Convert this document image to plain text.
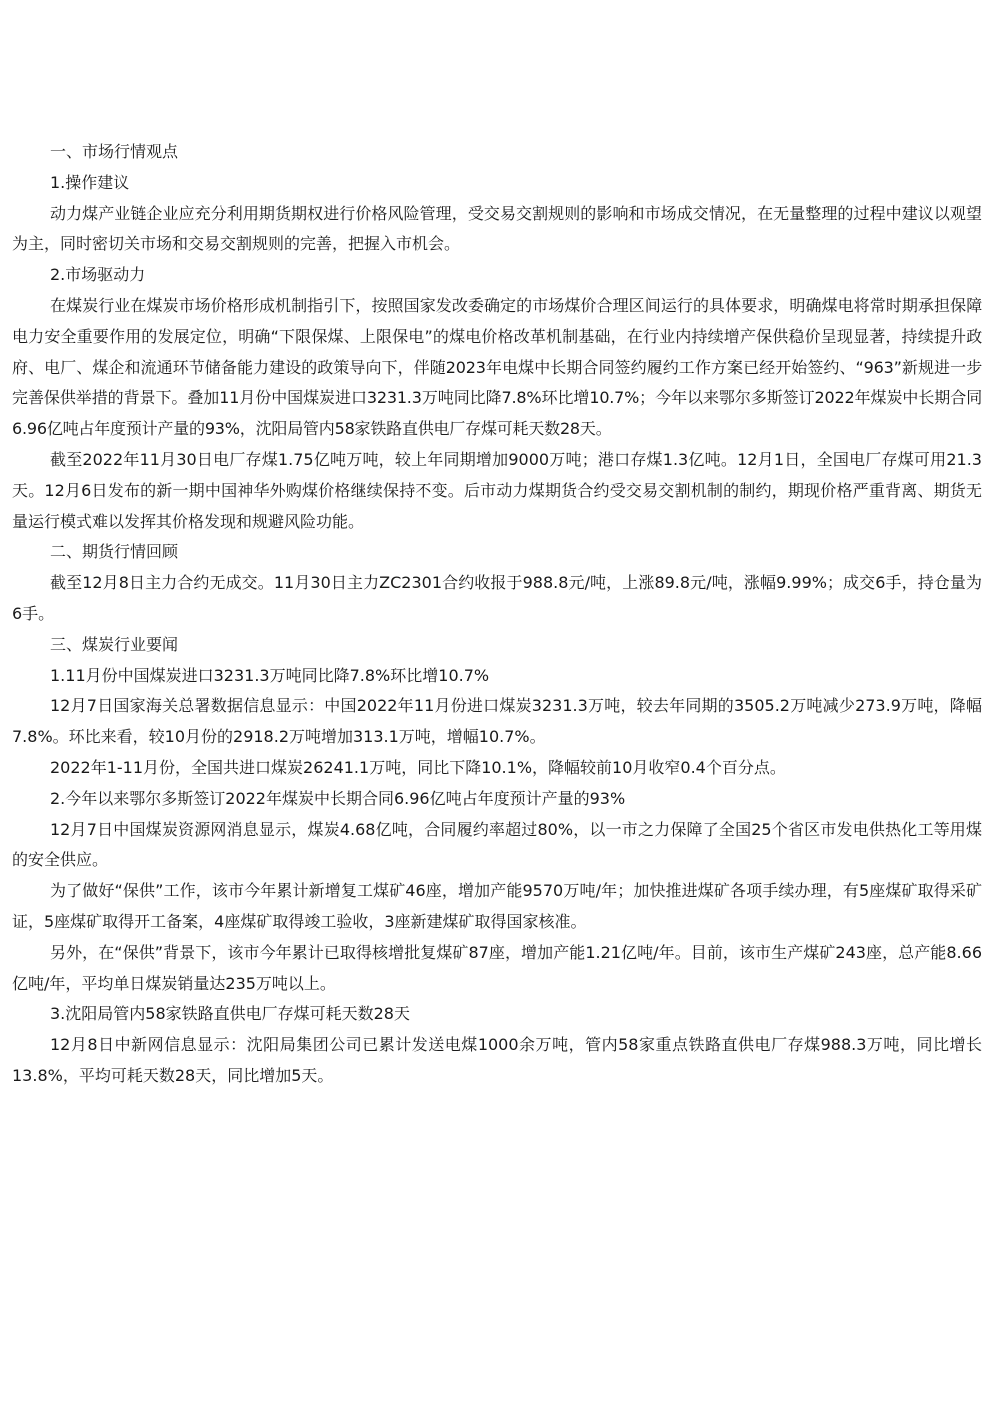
一、市场行情观点

1.操作建议

动力煤产业链企业应充分利用期货期权进行价格风险管理，受交易交割规则的影响和市场成交情况，在无量整理的过程中建议以观望为主，同时密切关市场和交易交割规则的完善，把握入市机会。

2.市场驱动力

在煤炭行业在煤炭市场价格形成机制指引下，按照国家发改委确定的市场煤价合理区间运行的具体要求，明确煤电将常时期承担保障电力安全重要作用的发展定位，明确“下限保煤、上限保电”的煤电价格改革机制基础，在行业内持续增产保供稳价呈现显著，持续提升政府、电厂、煤企和流通环节储备能力建设的政策导向下，伴随2023年电煤中长期合同签约履约工作方案已经开始签约、“963”新规进一步完善保供举措的背景下。叠加11月份中国煤炭进口3231.3万吨同比降7.8%环比增10.7%；今年以来鄂尔多斯签订2022年煤炭中长期合同6.96亿吨占年度预计产量的93%，沈阳局管内58家铁路直供电厂存煤可耗天数28天。

截至2022年11月30日电厂存煤1.75亿吨万吨，较上年同期增加9000万吨；港口存煤1.3亿吨。12月1日，全国电厂存煤可用21.3天。12月6日发布的新一期中国神华外购煤价格继续保持不变。后市动力煤期货合约受交易交割机制的制约，期现价格严重背离、期货无量运行模式难以发挥其价格发现和规避风险功能。

二、期货行情回顾

截至12月8日主力合约无成交。11月30日主力ZC2301合约收报于988.8元/吨，上涨89.8元/吨，涨幅9.99%；成交6手，持仓量为6手。

三、煤炭行业要闻

1.11月份中国煤炭进口3231.3万吨同比降7.8%环比增10.7%

12月7日国家海关总署数据信息显示：中国2022年11月份进口煤炭3231.3万吨，较去年同期的3505.2万吨减少273.9万吨，降幅7.8%。环比来看，较10月份的2918.2万吨增加313.1万吨，增幅10.7%。

2022年1-11月份，全国共进口煤炭26241.1万吨，同比下降10.1%，降幅较前10月收窄0.4个百分点。

2.今年以来鄂尔多斯签订2022年煤炭中长期合同6.96亿吨占年度预计产量的93%

12月7日中国煤炭资源网消息显示，煤炭4.68亿吨，合同履约率超过80%，以一市之力保障了全国25个省区市发电供热化工等用煤的安全供应。

为了做好“保供”工作，该市今年累计新增复工煤矿46座，增加产能9570万吨/年；加快推进煤矿各项手续办理，有5座煤矿取得采矿证，5座煤矿取得开工备案，4座煤矿取得竣工验收，3座新建煤矿取得国家核准。

另外，在“保供”背景下，该市今年累计已取得核增批复煤矿87座，增加产能1.21亿吨/年。目前，该市生产煤矿243座，总产能8.66亿吨/年，平均单日煤炭销量达235万吨以上。

3.沈阳局管内58家铁路直供电厂存煤可耗天数28天

12月8日中新网信息显示：沈阳局集团公司已累计发送电煤1000余万吨，管内58家重点铁路直供电厂存煤988.3万吨，同比增长13.8%，平均可耗天数28天，同比增加5天。
